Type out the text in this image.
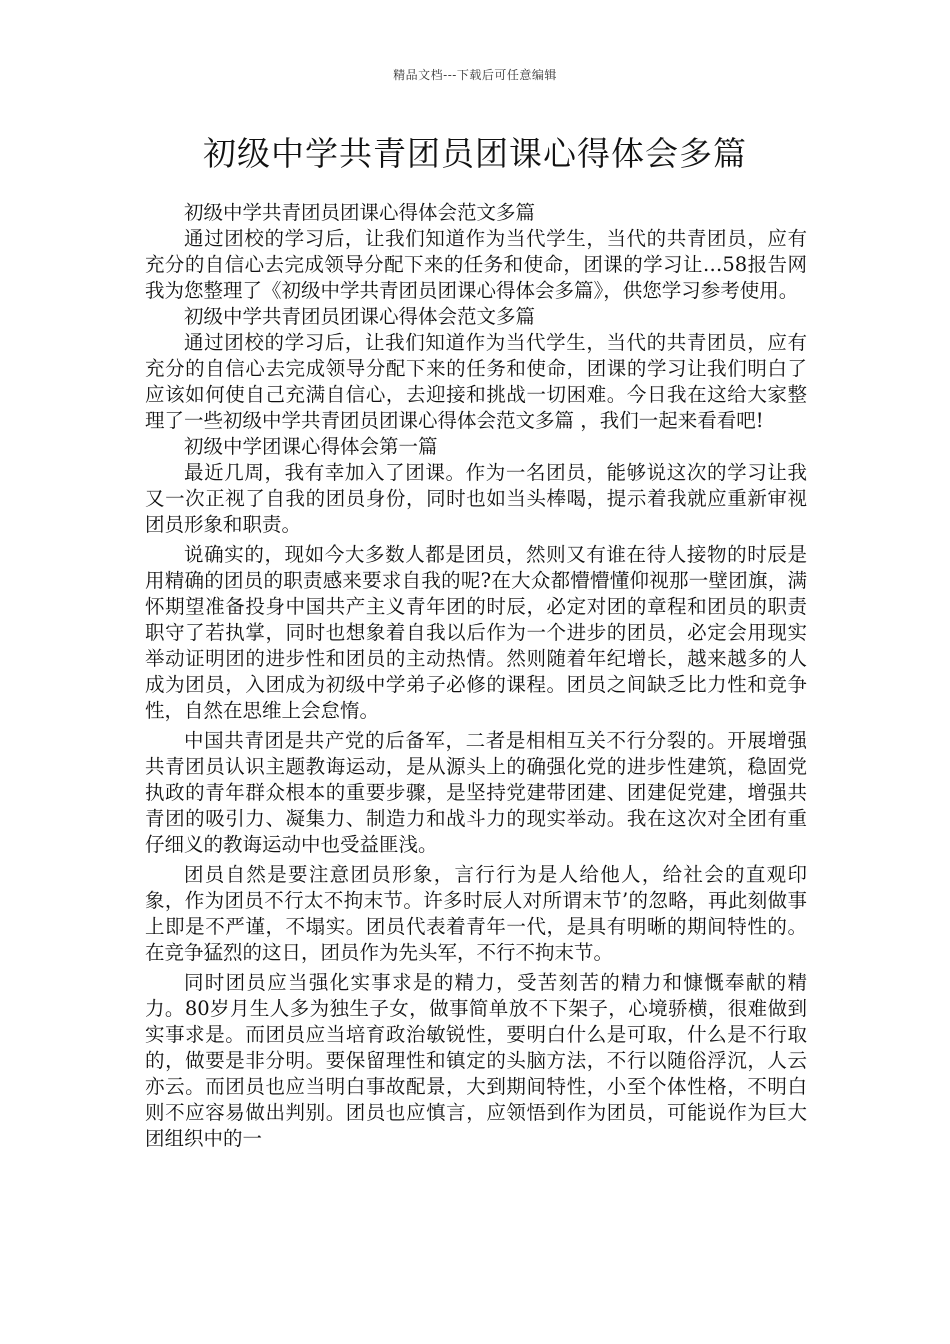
精品文档---下载后可任意编辑
初级中学共青团员团课心得体会多篇

初级中学共青团员团课心得体会范文多篇

通过团校的学习后，让我们知道作为当代学生，当代的共青团员，应有充分的自信心去完成领导分配下来的任务和使命，团课的学习让…58报告网我为您整理了《初级中学共青团员团课心得体会多篇》，供您学习参考使用。

初级中学共青团员团课心得体会范文多篇

通过团校的学习后，让我们知道作为当代学生，当代的共青团员，应有充分的自信心去完成领导分配下来的任务和使命，团课的学习让我们明白了应该如何使自己充满自信心，去迎接和挑战一切困难。今日我在这给大家整理了一些初级中学共青团员团课心得体会范文多篇 ，我们一起来看看吧!

初级中学团课心得体会第一篇

最近几周，我有幸加入了团课。作为一名团员，能够说这次的学习让我又一次正视了自我的团员身份，同时也如当头棒喝，提示着我就应重新审视团员形象和职责。

说确实的，现如今大多数人都是团员，然则又有谁在待人接物的时辰是用精确的团员的职责感来要求自我的呢?在大众都懵懵懂仰视那一壁团旗，满怀期望准备投身中国共产主义青年团的时辰，必定对团的章程和团员的职责职守了若执掌，同时也想象着自我以后作为一个进步的团员，必定会用现实举动证明团的进步性和团员的主动热情。然则随着年纪增长，越来越多的人成为团员，入团成为初级中学弟子必修的课程。团员之间缺乏比力性和竞争性，自然在思维上会怠惰。

中国共青团是共产党的后备军，二者是相相互关不行分裂的。开展增强共青团员认识主题教诲运动，是从源头上的确强化党的进步性建筑，稳固党执政的青年群众根本的重要步骤，是坚持党建带团建、团建促党建，增强共青团的吸引力、凝集力、制造力和战斗力的现实举动。我在这次对全团有重仔细义的教诲运动中也受益匪浅。

团员自然是要注意团员形象，言行行为是人给他人，给社会的直观印象，作为团员不行太不拘末节。许多时辰人对所谓末节’的忽略，再此刻做事上即是不严谨，不塌实。团员代表着青年一代，是具有明晰的期间特性的。在竞争猛烈的这日，团员作为先头军，不行不拘末节。

同时团员应当强化实事求是的精力，受苦刻苦的精力和慷慨奉献的精力。80岁月生人多为独生子女，做事简单放不下架子，心境骄横，很难做到实事求是。而团员应当培育政治敏锐性，要明白什么是可取，什么是不行取的，做要是非分明。要保留理性和镇定的头脑方法，不行以随俗浮沉，人云亦云。而团员也应当明白事故配景，大到期间特性，小至个体性格，不明白则不应容易做出判别。团员也应慎言，应领悟到作为团员，可能说作为巨大团组织中的一
